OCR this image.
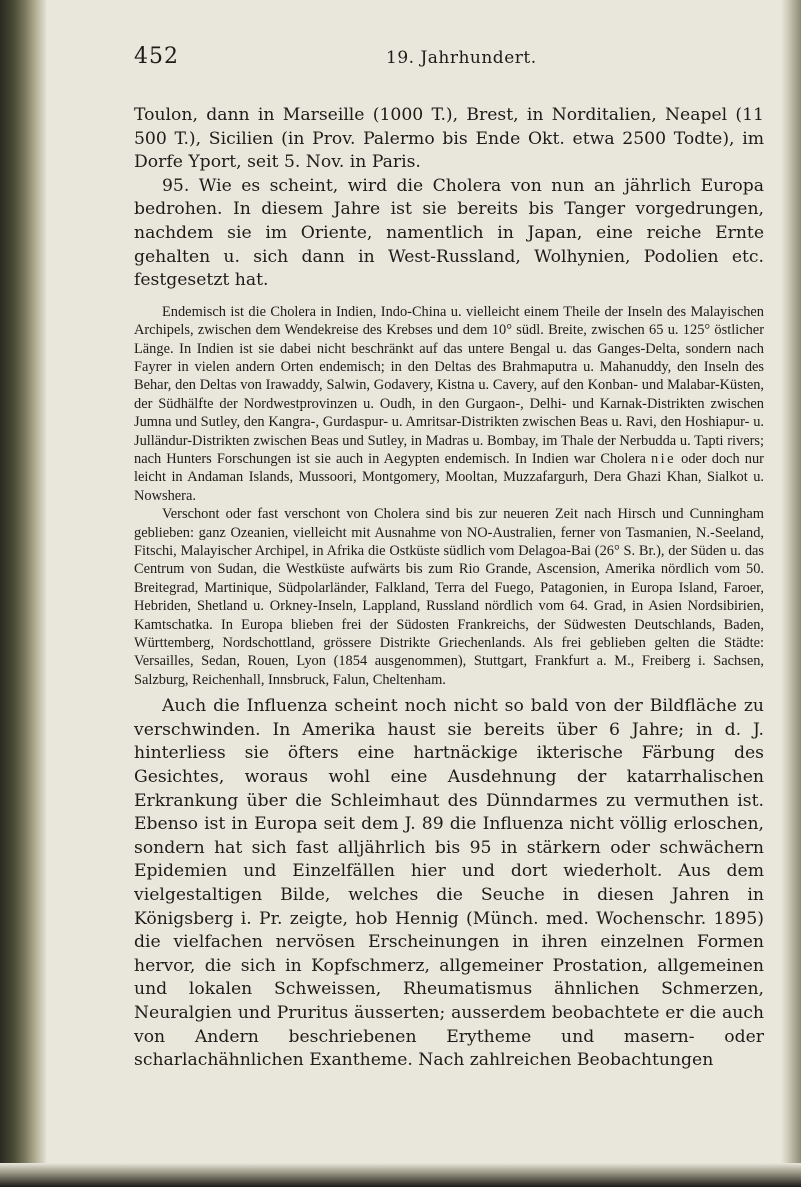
452	19. Jahrhundert.

Toulon, dann in Marseille (1000 T.), Brest, in Norditalien, Neapel (11 500 T.), Sicilien (in Prov. Palermo bis Ende Okt. etwa 2500 Todte), im Dorfe Yport, seit 5. Nov. in Paris.

95. Wie es scheint, wird die Cholera von nun an jährlich Europa bedrohen. In diesem Jahre ist sie bereits bis Tanger vorgedrungen, nachdem sie im Oriente, namentlich in Japan, eine reiche Ernte gehalten u. sich dann in West-Russland, Wolhynien, Podolien etc. festgesetzt hat.

Endemisch ist die Cholera in Indien, Indo-China u. vielleicht einem Theile der Inseln des Malayischen Archipels, zwischen dem Wendekreise des Krebses und dem 10° südl. Breite, zwischen 65 u. 125° östlicher Länge. In Indien ist sie dabei nicht beschränkt auf das untere Bengal u. das Ganges-Delta, sondern nach Fayrer in vielen andern Orten endemisch; in den Deltas des Brahmaputra u. Mahanuddy, den Inseln des Behar, den Deltas von Irawaddy, Salwin, Godavery, Kistna u. Cavery, auf den Konban- und Malabar-Küsten, der Südhälfte der Nordwestprovinzen u. Oudh, in den Gurgaon-, Delhi- und Karnak-Distrikten zwischen Jumna und Sutley, den Kangra-, Gurdaspur- u. Amritsar-Distrikten zwischen Beas u. Ravi, den Hoshiapur- u. Julländur-Distrikten zwischen Beas und Sutley, in Madras u. Bombay, im Thale der Nerbudda u. Tapti rivers; nach Hunters Forschungen ist sie auch in Aegypten endemisch. In Indien war Cholera nie oder doch nur leicht in Andaman Islands, Mussoori, Montgomery, Mooltan, Muzzafargurh, Dera Ghazi Khan, Sialkot u. Nowshera.

Verschont oder fast verschont von Cholera sind bis zur neueren Zeit nach Hirsch und Cunningham geblieben: ganz Ozeanien, vielleicht mit Ausnahme von NO-Australien, ferner von Tasmanien, N.-Seeland, Fitschi, Malayischer Archipel, in Afrika die Ostküste südlich vom Delagoa-Bai (26° S. Br.), der Süden u. das Centrum von Sudan, die Westküste aufwärts bis zum Rio Grande, Ascension, Amerika nördlich vom 50. Breitegrad, Martinique, Südpolarländer, Falkland, Terra del Fuego, Patagonien, in Europa Island, Faroer, Hebriden, Shetland u. Orkney-Inseln, Lappland, Russland nördlich vom 64. Grad, in Asien Nordsibirien, Kamtschatka. In Europa blieben frei der Südosten Frankreichs, der Südwesten Deutschlands, Baden, Württemberg, Nordschottland, grössere Distrikte Griechenlands. Als frei geblieben gelten die Städte: Versailles, Sedan, Rouen, Lyon (1854 ausgenommen), Stuttgart, Frankfurt a. M., Freiberg i. Sachsen, Salzburg, Reichenhall, Innsbruck, Falun, Cheltenham.

Auch die Influenza scheint noch nicht so bald von der Bildfläche zu verschwinden. In Amerika haust sie bereits über 6 Jahre; in d. J. hinterliess sie öfters eine hartnäckige ikterische Färbung des Gesichtes, woraus wohl eine Ausdehnung der katarrhalischen Erkrankung über die Schleimhaut des Dünndarmes zu vermuthen ist. Ebenso ist in Europa seit dem J. 89 die Influenza nicht völlig erloschen, sondern hat sich fast alljährlich bis 95 in stärkern oder schwächern Epidemien und Einzelfällen hier und dort wiederholt. Aus dem vielgestaltigen Bilde, welches die Seuche in diesen Jahren in Königsberg i. Pr. zeigte, hob Hennig (Münch. med. Wochenschr. 1895) die vielfachen nervösen Erscheinungen in ihren einzelnen Formen hervor, die sich in Kopfschmerz, allgemeiner Prostation, allgemeinen und lokalen Schweissen, Rheumatismus ähnlichen Schmerzen, Neuralgien und Pruritus äusserten; ausserdem beobachtete er die auch von Andern beschriebenen Erytheme und masern- oder scharlachähnlichen Exantheme. Nach zahlreichen Beobachtungen
